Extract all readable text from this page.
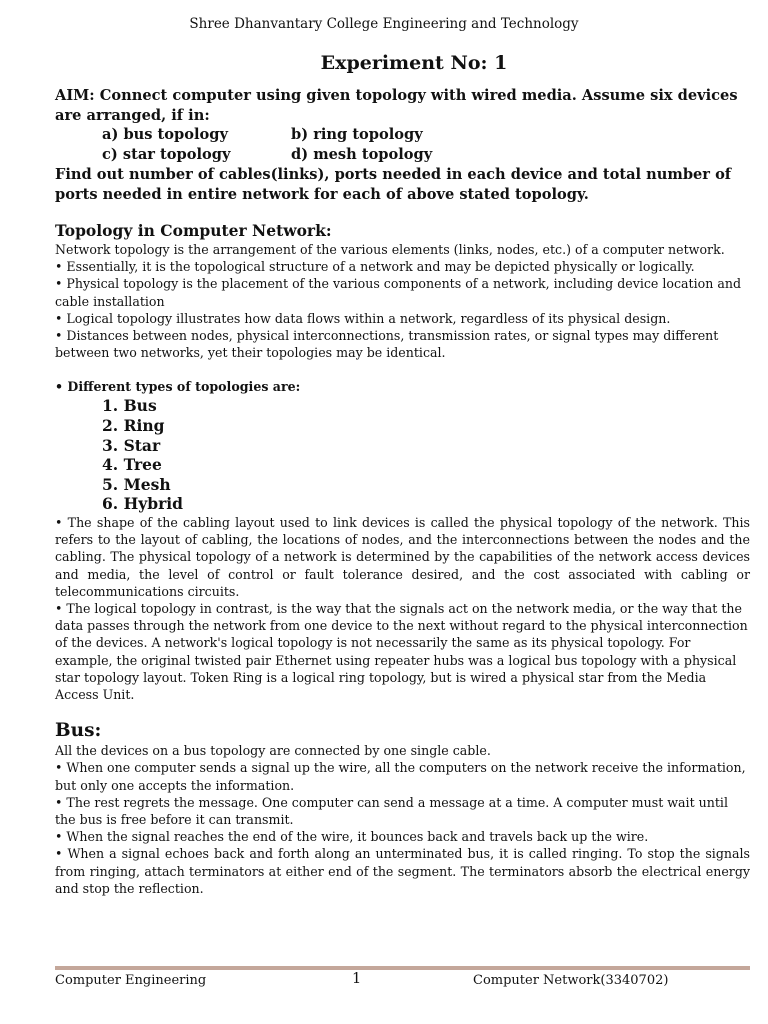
Shree Dhanvantary College Engineering and Technology
Experiment No: 1

AIM: Connect computer using given topology with wired media. Assume six devices are arranged, if in:

a) bus topology	b) ring topology
c) star topology	d) mesh topology

Find out number of cables(links), ports needed in each device and total number of ports needed in entire network for each of above stated topology.

Topology in Computer Network:

Network topology is the arrangement of the various elements (links, nodes, etc.) of a computer network.

• Essentially, it is the topological structure of a network and may be depicted physically or logically.

• Physical topology is the placement of the various components of a network, including device location and cable installation

• Logical topology illustrates how data flows within a network, regardless of its physical design.

• Distances between nodes, physical interconnections, transmission rates, or signal types may different between two networks, yet their topologies may be identical.

• Different types of topologies are:
1. Bus
2. Ring
3. Star
4. Tree
5. Mesh
6. Hybrid

• The shape of the cabling layout used to link devices is called the physical topology of the network. This refers to the layout of cabling, the locations of nodes, and the interconnections between the nodes and the cabling. The physical topology of a network is determined by the capabilities of the network access devices and media, the level of control or fault tolerance desired, and the cost associated with cabling or telecommunications circuits.

• The logical topology in contrast, is the way that the signals act on the network media, or the way that the data passes through the network from one device to the next without regard to the physical interconnection of the devices. A network's logical topology is not necessarily the same as its physical topology. For example, the original twisted pair Ethernet using repeater hubs was a logical bus topology with a physical star topology layout. Token Ring is a logical ring topology, but is wired a physical star from the Media Access Unit.

Bus:

All the devices on a bus topology are connected by one single cable.

• When one computer sends a signal up the wire, all the computers on the network receive the information, but only one accepts the information.

• The rest regrets the message. One computer can send a message at a time. A computer must wait until the bus is free before it can transmit.

• When the signal reaches the end of the wire, it bounces back and travels back up the wire.

• When a signal echoes back and forth along an unterminated bus, it is called ringing. To stop the signals from ringing, attach terminators at either end of the segment. The terminators absorb the electrical energy and stop the reflection.

Computer Engineering	1	Computer Network(3340702)
